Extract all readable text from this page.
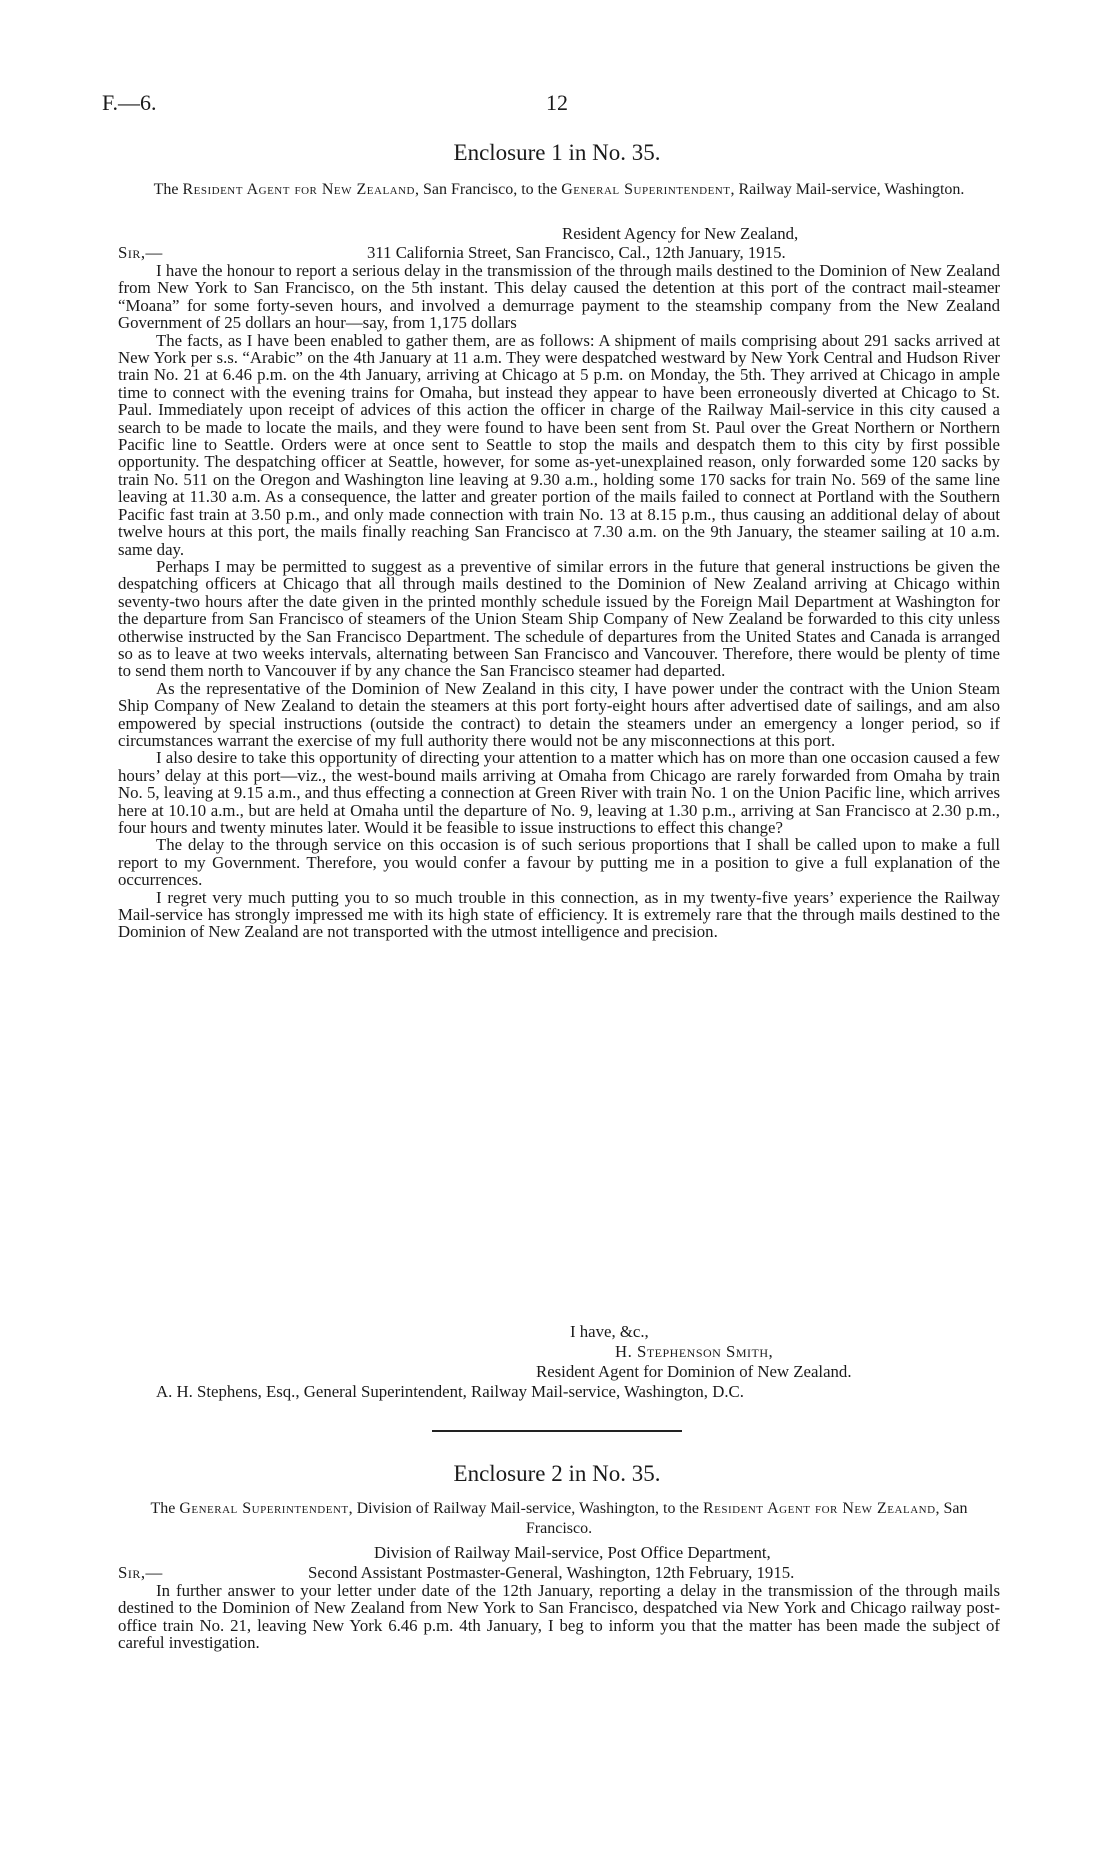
F.—6.	12
Enclosure 1 in No. 35.
The Resident Agent for New Zealand, San Francisco, to the General Superintendent, Railway Mail-service, Washington.
Resident Agency for New Zealand,
Sir,—	311 California Street, San Francisco, Cal., 12th January, 1915.

I have the honour to report a serious delay in the transmission of the through mails destined to the Dominion of New Zealand from New York to San Francisco, on the 5th instant. This delay caused the detention at this port of the contract mail-steamer “Moana” for some forty-seven hours, and involved a demurrage payment to the steamship company from the New Zealand Government of 25 dollars an hour—say, from 1,175 dollars

The facts, as I have been enabled to gather them, are as follows: A shipment of mails comprising about 291 sacks arrived at New York per s.s. “Arabic” on the 4th January at 11 a.m. They were despatched westward by New York Central and Hudson River train No. 21 at 6.46 p.m. on the 4th January, arriving at Chicago at 5 p.m. on Monday, the 5th. They arrived at Chicago in ample time to connect with the evening trains for Omaha, but instead they appear to have been erroneously diverted at Chicago to St. Paul. Immediately upon receipt of advices of this action the officer in charge of the Railway Mail-service in this city caused a search to be made to locate the mails, and they were found to have been sent from St. Paul over the Great Northern or Northern Pacific line to Seattle. Orders were at once sent to Seattle to stop the mails and despatch them to this city by first possible opportunity. The despatching officer at Seattle, however, for some as-yet-unexplained reason, only forwarded some 120 sacks by train No. 511 on the Oregon and Washington line leaving at 9.30 a.m., holding some 170 sacks for train No. 569 of the same line leaving at 11.30 a.m. As a consequence, the latter and greater portion of the mails failed to connect at Portland with the Southern Pacific fast train at 3.50 p.m., and only made connection with train No. 13 at 8.15 p.m., thus causing an additional delay of about twelve hours at this port, the mails finally reaching San Francisco at 7.30 a.m. on the 9th January, the steamer sailing at 10 a.m. same day.

Perhaps I may be permitted to suggest as a preventive of similar errors in the future that general instructions be given the despatching officers at Chicago that all through mails destined to the Dominion of New Zealand arriving at Chicago within seventy-two hours after the date given in the printed monthly schedule issued by the Foreign Mail Department at Washington for the departure from San Francisco of steamers of the Union Steam Ship Company of New Zealand be forwarded to this city unless otherwise instructed by the San Francisco Department. The schedule of departures from the United States and Canada is arranged so as to leave at two weeks intervals, alternating between San Francisco and Vancouver. Therefore, there would be plenty of time to send them north to Vancouver if by any chance the San Francisco steamer had departed.

As the representative of the Dominion of New Zealand in this city, I have power under the contract with the Union Steam Ship Company of New Zealand to detain the steamers at this port forty-eight hours after advertised date of sailings, and am also empowered by special instructions (outside the contract) to detain the steamers under an emergency a longer period, so if circumstances warrant the exercise of my full authority there would not be any misconnections at this port.

I also desire to take this opportunity of directing your attention to a matter which has on more than one occasion caused a few hours’ delay at this port—viz., the west-bound mails arriving at Omaha from Chicago are rarely forwarded from Omaha by train No. 5, leaving at 9.15 a.m., and thus effecting a connection at Green River with train No. 1 on the Union Pacific line, which arrives here at 10.10 a.m., but are held at Omaha until the departure of No. 9, leaving at 1.30 p.m., arriving at San Francisco at 2.30 p.m., four hours and twenty minutes later. Would it be feasible to issue instructions to effect this change?

The delay to the through service on this occasion is of such serious proportions that I shall be called upon to make a full report to my Government. Therefore, you would confer a favour by putting me in a position to give a full explanation of the occurrences.

I regret very much putting you to so much trouble in this connection, as in my twenty-five years’ experience the Railway Mail-service has strongly impressed me with its high state of efficiency. It is extremely rare that the through mails destined to the Dominion of New Zealand are not transported with the utmost intelligence and precision.

I have, &c.,
H. Stephenson Smith,
Resident Agent for Dominion of New Zealand.
A. H. Stephens, Esq., General Superintendent, Railway Mail-service, Washington, D.C.
Enclosure 2 in No. 35.
The General Superintendent, Division of Railway Mail-service, Washington, to the Resident Agent for New Zealand, San Francisco.
Division of Railway Mail-service, Post Office Department,
Sir,—	Second Assistant Postmaster-General, Washington, 12th February, 1915.

In further answer to your letter under date of the 12th January, reporting a delay in the transmission of the through mails destined to the Dominion of New Zealand from New York to San Francisco, despatched via New York and Chicago railway post-office train No. 21, leaving New York 6.46 p.m. 4th January, I beg to inform you that the matter has been made the subject of careful investigation.
